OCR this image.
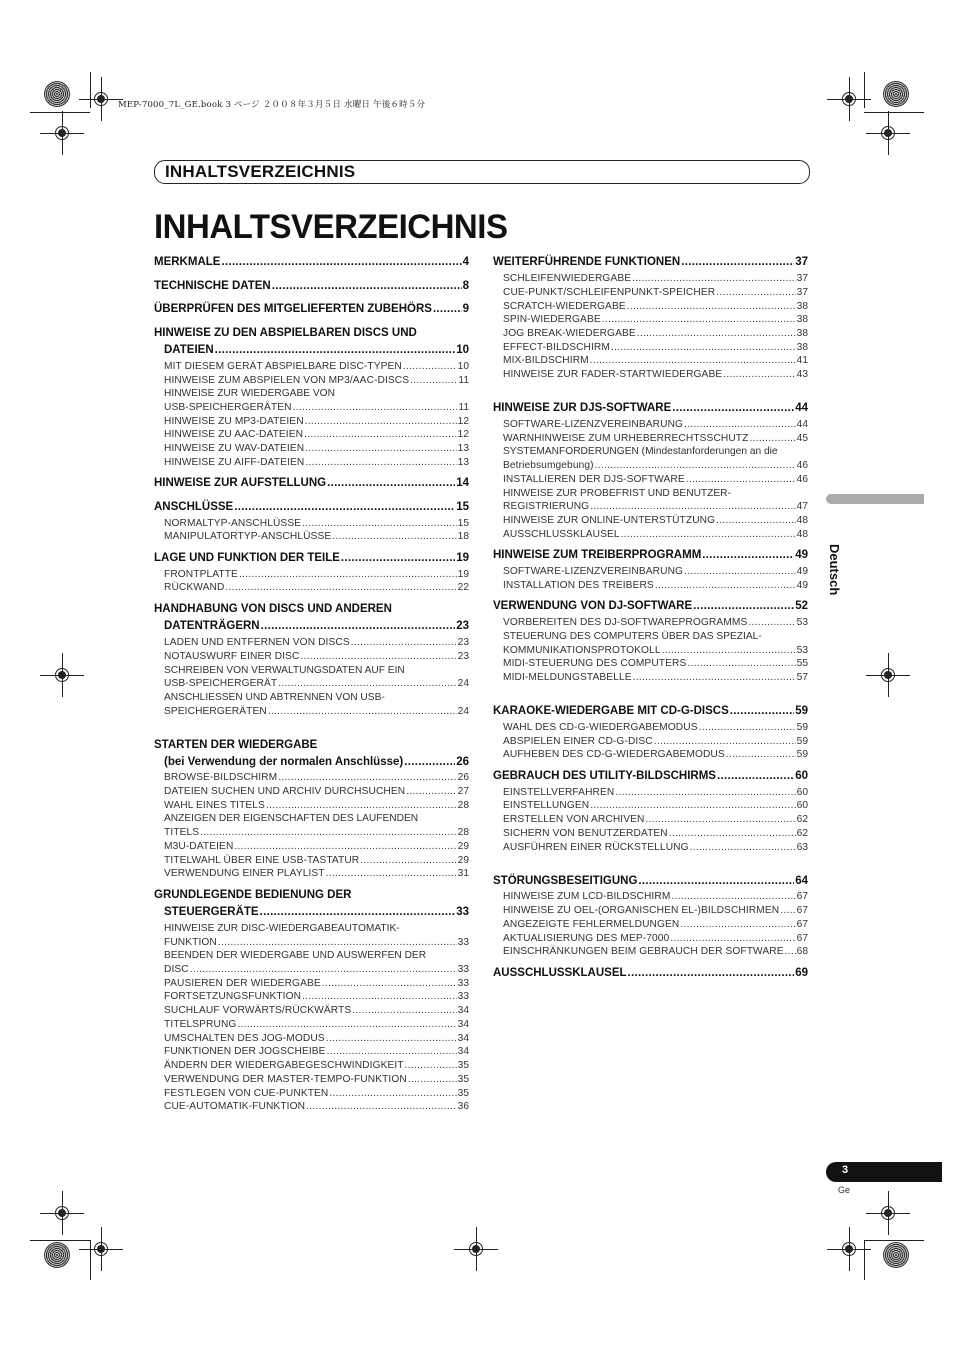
MEP-7000_7L_GE.book 3 ページ ２００８年３月５日 水曜日 午後６時５分
INHALTSVERZEICHNIS
INHALTSVERZEICHNIS
Deutsch
3
Ge
MERKMALE .....	4
TECHNISCHE DATEN .....	8
ÜBERPRÜFEN DES MITGELIEFERTEN ZUBEHÖRS .....	9
HINWEISE ZU DEN ABSPIELBAREN DISCS UND
DATEIEN .....	10
MIT DIESEM GERÄT ABSPIELBARE DISC-TYPEN .....	10
HINWEISE ZUM ABSPIELEN VON MP3/AAC-DISCS .....	11
HINWEISE ZUR WIEDERGABE VON
USB-SPEICHERGERÄTEN .....	11
HINWEISE ZU MP3-DATEIEN .....	12
HINWEISE ZU AAC-DATEIEN .....	12
HINWEISE ZU WAV-DATEIEN .....	13
HINWEISE ZU AIFF-DATEIEN .....	13
HINWEISE ZUR AUFSTELLUNG .....	14
ANSCHLÜSSE .....	15
NORMALTYP-ANSCHLÜSSE .....	15
MANIPULATORTYP-ANSCHLÜSSE .....	18
LAGE UND FUNKTION DER TEILE .....	19
FRONTPLATTE .....	19
RÜCKWAND .....	22
HANDHABUNG VON DISCS UND ANDEREN
DATENTRÄGERN .....	23
LADEN UND ENTFERNEN VON DISCS .....	23
NOTAUSWURF EINER DISC .....	23
SCHREIBEN VON VERWALTUNGSDATEN AUF EIN
USB-SPEICHERGERÄT .....	24
ANSCHLIESSEN UND ABTRENNEN VON USB-
SPEICHERGERÄTEN .....	24
STARTEN DER WIEDERGABE
(bei Verwendung der normalen Anschlüsse) .....	26
BROWSE-BILDSCHIRM .....	26
DATEIEN SUCHEN UND ARCHIV DURCHSUCHEN .....	27
WAHL EINES TITELS .....	28
ANZEIGEN DER EIGENSCHAFTEN DES LAUFENDEN
TITELS .....	28
M3U-DATEIEN .....	29
TITELWAHL ÜBER EINE USB-TASTATUR .....	29
VERWENDUNG EINER PLAYLIST .....	31
GRUNDLEGENDE BEDIENUNG DER
STEUERGERÄTE .....	33
HINWEISE ZUR DISC-WIEDERGABEAUTOMATIK-
FUNKTION .....	33
BEENDEN DER WIEDERGABE UND AUSWERFEN DER
DISC .....	33
PAUSIEREN DER WIEDERGABE .....	33
FORTSETZUNGSFUNKTION .....	33
SUCHLAUF VORWÄRTS/RÜCKWÄRTS .....	34
TITELSPRUNG .....	34
UMSCHALTEN DES JOG-MODUS .....	34
FUNKTIONEN DER JOGSCHEIBE .....	34
ÄNDERN DER WIEDERGABEGESCHWINDIGKEIT .....	35
VERWENDUNG DER MASTER-TEMPO-FUNKTION .....	35
FESTLEGEN VON CUE-PUNKTEN .....	35
CUE-AUTOMATIK-FUNKTION .....	36
WEITERFÜHRENDE FUNKTIONEN .....	37
SCHLEIFENWIEDERGABE .....	37
CUE-PUNKT/SCHLEIFENPUNKT-SPEICHER .....	37
SCRATCH-WIEDERGABE .....	38
SPIN-WIEDERGABE .....	38
JOG BREAK-WIEDERGABE .....	38
EFFECT-BILDSCHIRM .....	38
MIX-BILDSCHIRM .....	41
HINWEISE ZUR FADER-STARTWIEDERGABE .....	43
HINWEISE ZUR DJS-SOFTWARE .....	44
SOFTWARE-LIZENZVEREINBARUNG .....	44
WARNHINWEISE ZUM URHEBERRECHTSSCHUTZ .....	45
SYSTEMANFORDERUNGEN (Mindestanforderungen an die
Betriebsumgebung) .....	46
INSTALLIEREN DER DJS-SOFTWARE .....	46
HINWEISE ZUR PROBEFRIST UND BENUTZER-
REGISTRIERUNG .....	47
HINWEISE ZUR ONLINE-UNTERSTÜTZUNG .....	48
AUSSCHLUSSKLAUSEL .....	48
HINWEISE ZUM TREIBERPROGRAMM .....	49
SOFTWARE-LIZENZVEREINBARUNG .....	49
INSTALLATION DES TREIBERS .....	49
VERWENDUNG VON DJ-SOFTWARE .....	52
VORBEREITEN DES DJ-SOFTWAREPROGRAMMS .....	53
STEUERUNG DES COMPUTERS ÜBER DAS SPEZIAL-
KOMMUNIKATIONSPROTOKOLL .....	53
MIDI-STEUERUNG DES COMPUTERS .....	55
MIDI-MELDUNGSTABELLE .....	57
KARAOKE-WIEDERGABE MIT CD-G-DISCS .....	59
WAHL DES CD-G-WIEDERGABEMODUS .....	59
ABSPIELEN EINER CD-G-DISC .....	59
AUFHEBEN DES CD-G-WIEDERGABEMODUS .....	59
GEBRAUCH DES UTILITY-BILDSCHIRMS .....	60
EINSTELLVERFAHREN .....	60
EINSTELLUNGEN .....	60
ERSTELLEN VON ARCHIVEN .....	62
SICHERN VON BENUTZERDATEN .....	62
AUSFÜHREN EINER RÜCKSTELLUNG .....	63
STÖRUNGSBESEITIGUNG .....	64
HINWEISE ZUM LCD-BILDSCHIRM .....	67
HINWEISE ZU OEL-(ORGANISCHEN EL-)BILDSCHIRMEN ..... 67
ANGEZEIGTE FEHLERMELDUNGEN .....	67
AKTUALISIERUNG DES MEP-7000 .....	67
EINSCHRÄNKUNGEN BEIM GEBRAUCH DER SOFTWARE ..... 68
AUSSCHLUSSKLAUSEL .....	69
